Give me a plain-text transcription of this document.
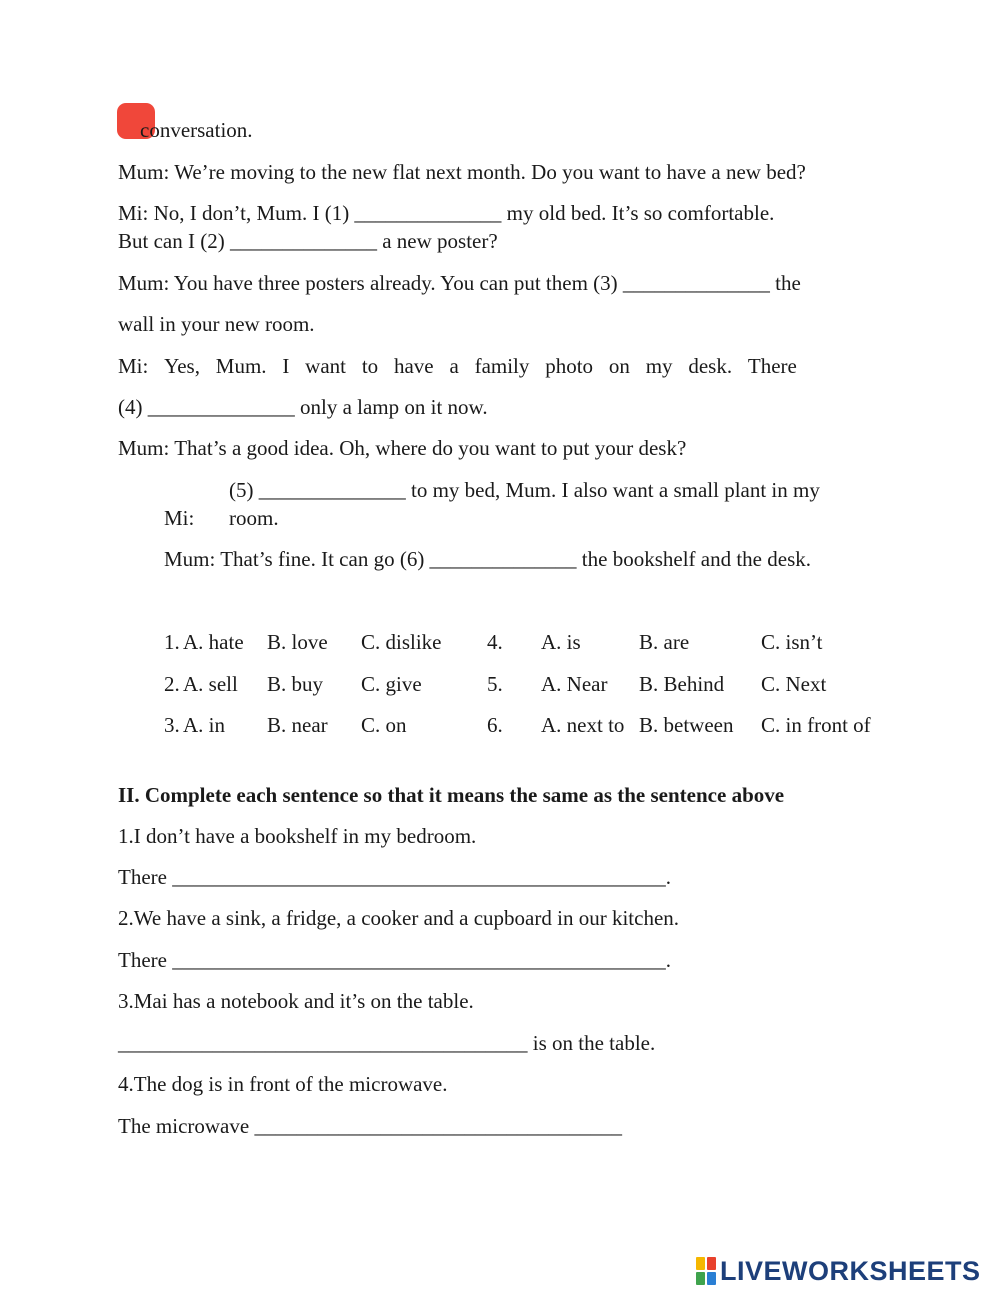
conversation.
Mum: We’re moving to the new flat next month. Do you want to have a new bed?
Mi: No, I don’t, Mum. I (1) ______________ my old bed. It’s so comfortable.
But can I (2) ______________ a new poster?
Mum: You have three posters already. You can put them (3) ______________ the
wall in your new room.
Mi: Yes, Mum. I want to have a family photo on my desk. There
(4) ______________ only a lamp on it now.
Mum: That’s a good idea. Oh, where do you want to put your desk?
(5) ______________ to my bed, Mum. I also want a small plant in my
Mi: room.
Mum: That’s fine. It can go (6) ______________ the bookshelf and the desk.
1. A. hate B. love C. dislike
2. A. sell B. buy C. give
3. A. in B. near C. on
4. A. is	B. are	C. isn’t
5. A. Near B. Behind C. Next
6. A. next to B. between C. in front of
II. Complete each sentence so that it means the same as the sentence above
1.I don’t have a bookshelf in my bedroom.
There _______________________________________________.
2.We have a sink, a fridge, a cooker and a cupboard in our kitchen.
There _______________________________________________.
3.Mai has a notebook and it’s on the table.
_______________________________________ is on the table.
4.The dog is in front of the microwave.
The microwave ___________________________________
LIVEWORKSHEETS
